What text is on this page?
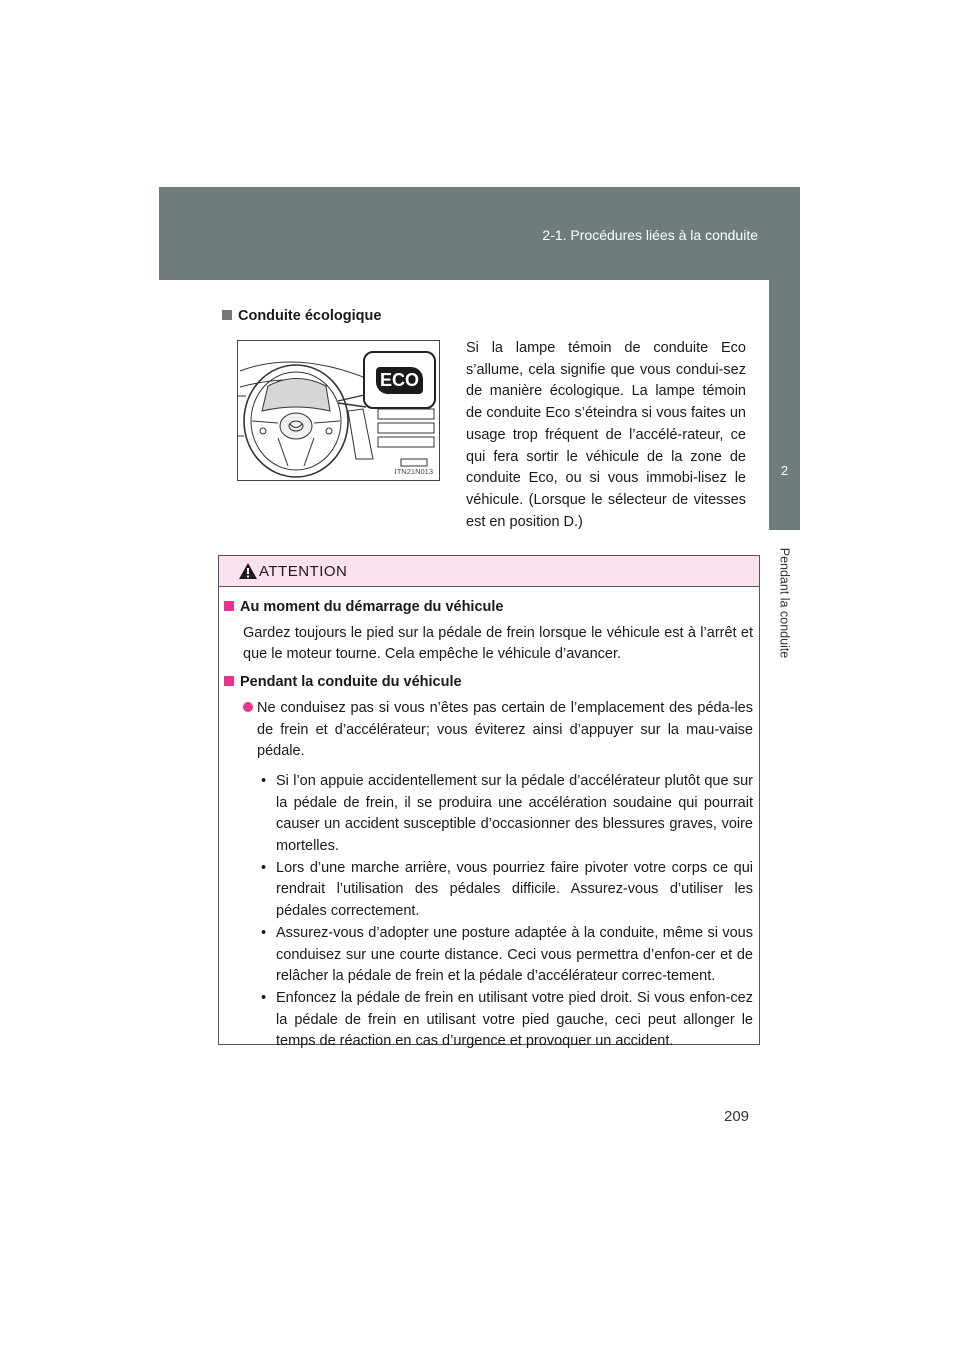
2-1. Procédures liées à la conduite
2
Pendant la conduite
Conduite écologique
ECO
ITN21N013
Si la lampe témoin de conduite Eco s’allume, cela signifie que vous condui-sez de manière écologique. La lampe témoin de conduite Eco s’éteindra si vous faites un usage trop fréquent de l’accélé-rateur, ce qui fera sortir le véhicule de la zone de conduite Eco, ou si vous immobi-lisez le véhicule. (Lorsque le sélecteur de vitesses est en position D.)
ATTENTION
Au moment du démarrage du véhicule
Gardez toujours le pied sur la pédale de frein lorsque le véhicule est à l’arrêt et que le moteur tourne. Cela empêche le véhicule d’avancer.
Pendant la conduite du véhicule
Ne conduisez pas si vous n’êtes pas certain de l’emplacement des péda-les de frein et d’accélérateur; vous éviterez ainsi d’appuyer sur la mau-vaise pédale.
• Si l’on appuie accidentellement sur la pédale d’accélérateur plutôt que sur la pédale de frein, il se produira une accélération soudaine qui pourrait causer un accident susceptible d’occasionner des blessures graves, voire mortelles.
• Lors d’une marche arrière, vous pourriez faire pivoter votre corps ce qui rendrait l’utilisation des pédales difficile. Assurez-vous d’utiliser les pédales correctement.
• Assurez-vous d’adopter une posture adaptée à la conduite, même si vous conduisez sur une courte distance. Ceci vous permettra d’enfon-cer et de relâcher la pédale de frein et la pédale d’accélérateur correc-tement.
• Enfoncez la pédale de frein en utilisant votre pied droit. Si vous enfon-cez la pédale de frein en utilisant votre pied gauche, ceci peut allonger le temps de réaction en cas d’urgence et provoquer un accident.
209
